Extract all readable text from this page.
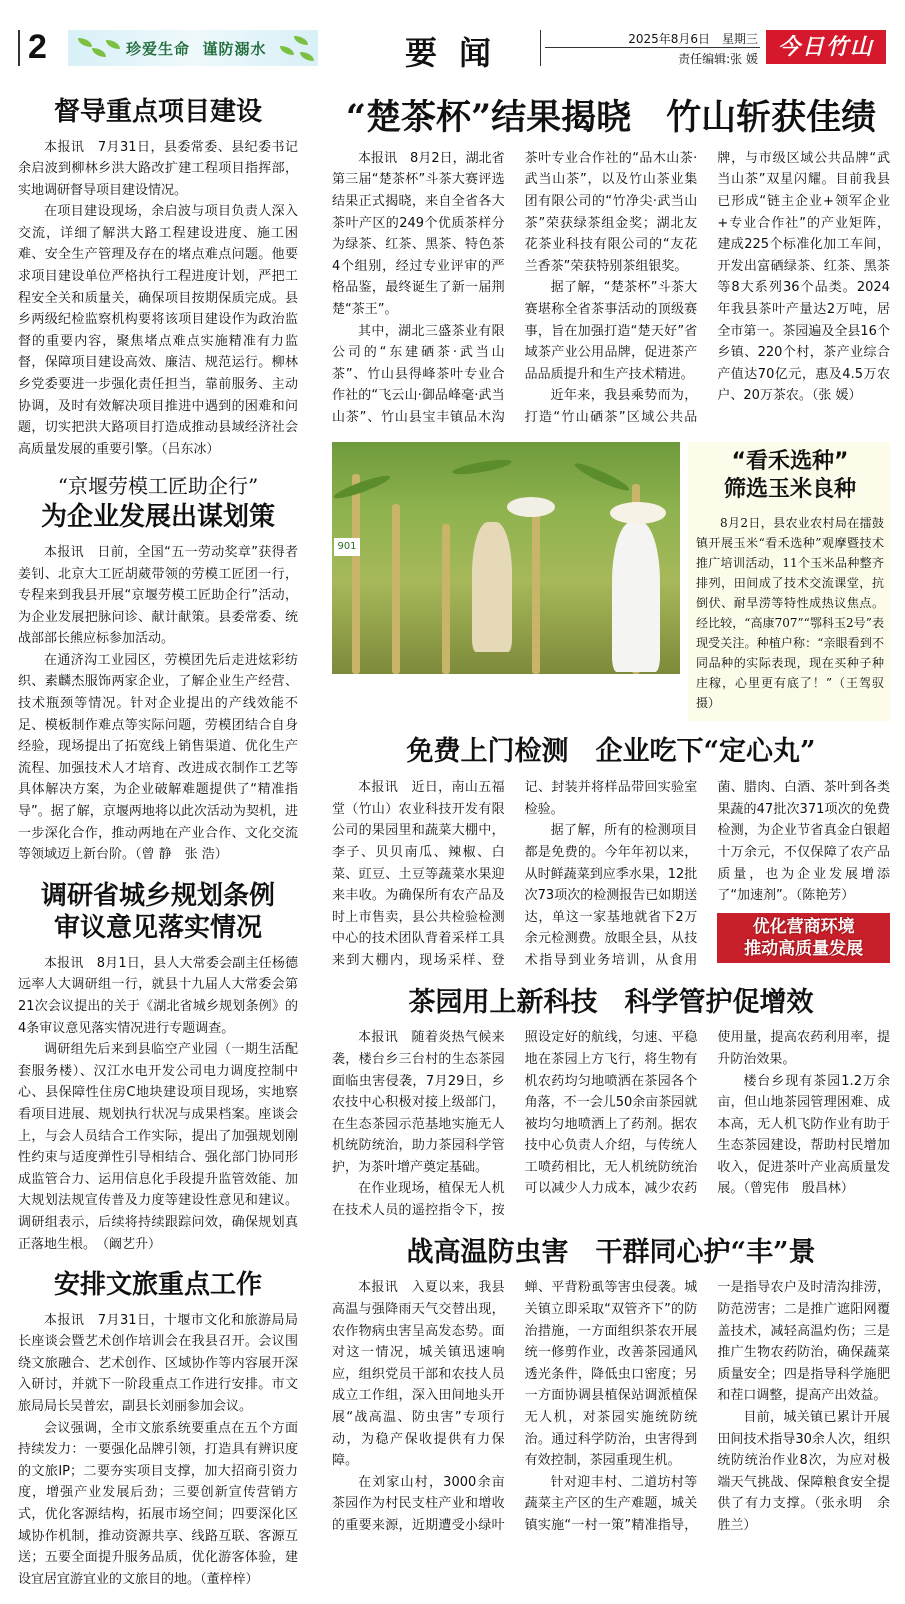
2	珍爱生命  谨防溺水	要闻	2025年8月6日　星期三
责任编辑:张 媛 今日竹山
督导重点项目建设

本报讯　7月31日，县委常委、县纪委书记余启波到柳林乡洪大路改扩建工程项目指挥部，实地调研督导项目建设情况。

在项目建设现场，余启波与项目负责人深入交流，详细了解洪大路工程建设进度、施工困难、安全生产管理及存在的堵点难点问题。他要求项目建设单位严格执行工程进度计划，严把工程安全关和质量关，确保项目按期保质完成。县乡两级纪检监察机构要将该项目建设作为政治监督的重要内容，聚焦堵点难点实施精准有力监督，保障项目建设高效、廉洁、规范运行。柳林乡党委要进一步强化责任担当，靠前服务、主动协调，及时有效解决项目推进中遇到的困难和问题，切实把洪大路项目打造成推动县域经济社会高质量发展的重要引擎。（吕东冰）

“京堰劳模工匠助企行”
为企业发展出谋划策

本报讯　日前，全国“五一劳动奖章”获得者姜钊、北京大工匠胡葳带领的劳模工匠团一行，专程来到我县开展“京堰劳模工匠助企行”活动，为企业发展把脉问诊、献计献策。县委常委、统战部部长熊应标参加活动。

在通济沟工业园区，劳模团先后走进炫彩纺织、素麟杰服饰两家企业，了解企业生产经营、技术瓶颈等情况。针对企业提出的产线效能不足、模板制作难点等实际问题，劳模团结合自身经验，现场提出了拓宽线上销售渠道、优化生产流程、加强技术人才培育、改进成衣制作工艺等具体解决方案，为企业破解难题提供了“精准指导”。据了解，京堰两地将以此次活动为契机，进一步深化合作，推动两地在产业合作、文化交流等领域迈上新台阶。（曾 静　张 浩）

调研省城乡规划条例
审议意见落实情况

本报讯　8月1日，县人大常委会副主任杨德远率人大调研组一行，就县十九届人大常委会第21次会议提出的关于《湖北省城乡规划条例》的4条审议意见落实情况进行专题调查。

调研组先后来到县临空产业园（一期生活配套服务楼）、汉江水电开发公司电力调度控制中心、县保障性住房C地块建设项目现场，实地察看项目进展、规划执行状况与成果档案。座谈会上，与会人员结合工作实际，提出了加强规划刚性约束与适度弹性引导相结合、强化部门协同形成监管合力、运用信息化手段提升监管效能、加大规划法规宣传普及力度等建设性意见和建议。调研组表示，后续将持续跟踪问效，确保规划真正落地生根。　（阚艺升）

安排文旅重点工作

本报讯　7月31日，十堰市文化和旅游局局长座谈会暨艺术创作培训会在我县召开。会议围绕文旅融合、艺术创作、区域协作等内容展开深入研讨，并就下一阶段重点工作进行安排。市文旅局局长吴普宏，副县长刘丽参加会议。

会议强调，全市文旅系统要重点在五个方面持续发力：一要强化品牌引领，打造具有辨识度的文旅IP；二要夯实项目支撑，加大招商引资力度，增强产业发展后劲；三要创新宣传营销方式，优化客源结构，拓展市场空间；四要深化区域协作机制，推动资源共享、线路互联、客源互送；五要全面提升服务品质，优化游客体验，建设宜居宜游宜业的文旅目的地。（董梓梓）

“楚茶杯”结果揭晓　竹山斩获佳绩

本报讯　8月2日，湖北省第三届“楚茶杯”斗茶大赛评选结果正式揭晓，来自全省各大茶叶产区的249个优质茶样分为绿茶、红茶、黑茶、特色茶4个组别，经过专业评审的严格品鉴，最终诞生了新一届荆楚“茶王”。

其中，湖北三盛茶业有限公司的“东建硒茶·武当山茶”、竹山县得峰茶叶专业合作社的“飞云山·御品峰毫·武当山茶”、竹山县宝丰镇品木沟茶叶专业合作社的“品木山茶·武当山茶”，以及竹山茶业集团有限公司的“竹净尖·武当山茶”荣获绿茶组金奖；湖北友花茶业科技有限公司的“友花兰香茶”荣获特别茶组银奖。

据了解，“楚茶杯”斗茶大赛堪称全省茶事活动的顶级赛事，旨在加强打造“楚天好”省域茶产业公用品牌，促进茶产品品质提升和生产技术精进。

近年来，我县乘势而为，打造“竹山硒茶”区域公共品牌，与市级区域公共品牌“武当山茶”双星闪耀。目前我县已形成“链主企业+领军企业+专业合作社”的产业矩阵，建成225个标准化加工车间，开发出富硒绿茶、红茶、黑茶等8大系列36个品类。2024年我县茶叶产量达2万吨，居全市第一。茶园遍及全县16个乡镇、220个村，茶产业综合产值达70亿元，惠及4.5万农户、20万茶农。（张 媛）

901
“看禾选种”
筛选玉米良种
8月2日，县农业农村局在擂鼓镇开展玉米“看禾选种”观摩暨技术推广培训活动，11个玉米品种整齐排列，田间成了技术交流课堂，抗倒伏、耐旱涝等特性成热议焦点。经比较，“高康707”“鄂科玉2号”表现受关注。种植户称：“亲眼看到不同品种的实际表现，现在买种子种庄稼，心里更有底了！”（王驾驭　摄）
免费上门检测　企业吃下“定心丸”

本报讯　近日，南山五福堂（竹山）农业科技开发有限公司的果园里和蔬菜大棚中，李子、贝贝南瓜、辣椒、白菜、豇豆、土豆等蔬菜水果迎来丰收。为确保所有农产品及时上市售卖，县公共检验检测中心的技术团队背着采样工具来到大棚内，现场采样、登记、封装并将样品带回实验室检验。

据了解，所有的检测项目都是免费的。今年年初以来，从时鲜蔬菜到应季水果，12批次73项次的检测报告已如期送达，单这一家基地就省下2万余元检测费。放眼全县，从技术指导到业务培训，从食用菌、腊肉、白酒、茶叶到各类果蔬的47批次371项次的免费检测，为企业节省真金白银超十万余元，不仅保障了农产品质量，也为企业发展增添了“加速剂”。（陈艳芳）

优化营商环境
推动高质量发展
茶园用上新科技　科学管护促增效

本报讯　随着炎热气候来袭，楼台乡三台村的生态茶园面临虫害侵袭，7月29日，乡农技中心积极对接上级部门，在生态茶园示范基地实施无人机统防统治，助力茶园科学管护，为茶叶增产奠定基础。

在作业现场，植保无人机在技术人员的遥控指令下，按照设定好的航线，匀速、平稳地在茶园上方飞行，将生物有机农药均匀地喷洒在茶园各个角落，不一会儿50余亩茶园就被均匀地喷洒上了药剂。据农技中心负责人介绍，与传统人工喷药相比，无人机统防统治可以减少人力成本，减少农药使用量，提高农药利用率，提升防治效果。

楼台乡现有茶园1.2万余亩，但山地茶园管理困难、成本高，无人机飞防作业有助于生态茶园建设，帮助村民增加收入，促进茶叶产业高质量发展。（曾宪伟　殷昌林）

战高温防虫害　干群同心护“丰”景

本报讯　入夏以来，我县高温与强降雨天气交替出现，农作物病虫害呈高发态势。面对这一情况，城关镇迅速响应，组织党员干部和农技人员成立工作组，深入田间地头开展“战高温、防虫害”专项行动，为稳产保收提供有力保障。

在刘家山村，3000余亩茶园作为村民支柱产业和增收的重要来源，近期遭受小绿叶蝉、平背粉虱等害虫侵袭。城关镇立即采取“双管齐下”的防治措施，一方面组织茶农开展统一修剪作业，改善茶园通风透光条件，降低虫口密度；另一方面协调县植保站调派植保无人机，对茶园实施统防统治。通过科学防治，虫害得到有效控制，茶园重现生机。

针对迎丰村、二道坊村等蔬菜主产区的生产难题，城关镇实施“一村一策”精准指导，一是指导农户及时清沟排涝，防范涝害；二是推广遮阳网覆盖技术，减轻高温灼伤；三是推广生物农药防治，确保蔬菜质量安全；四是指导科学施肥和茬口调整，提高产出效益。

目前，城关镇已累计开展田间技术指导30余人次，组织统防统治作业8次，为应对极端天气挑战、保障粮食安全提供了有力支撑。（张永明　余胜兰）
